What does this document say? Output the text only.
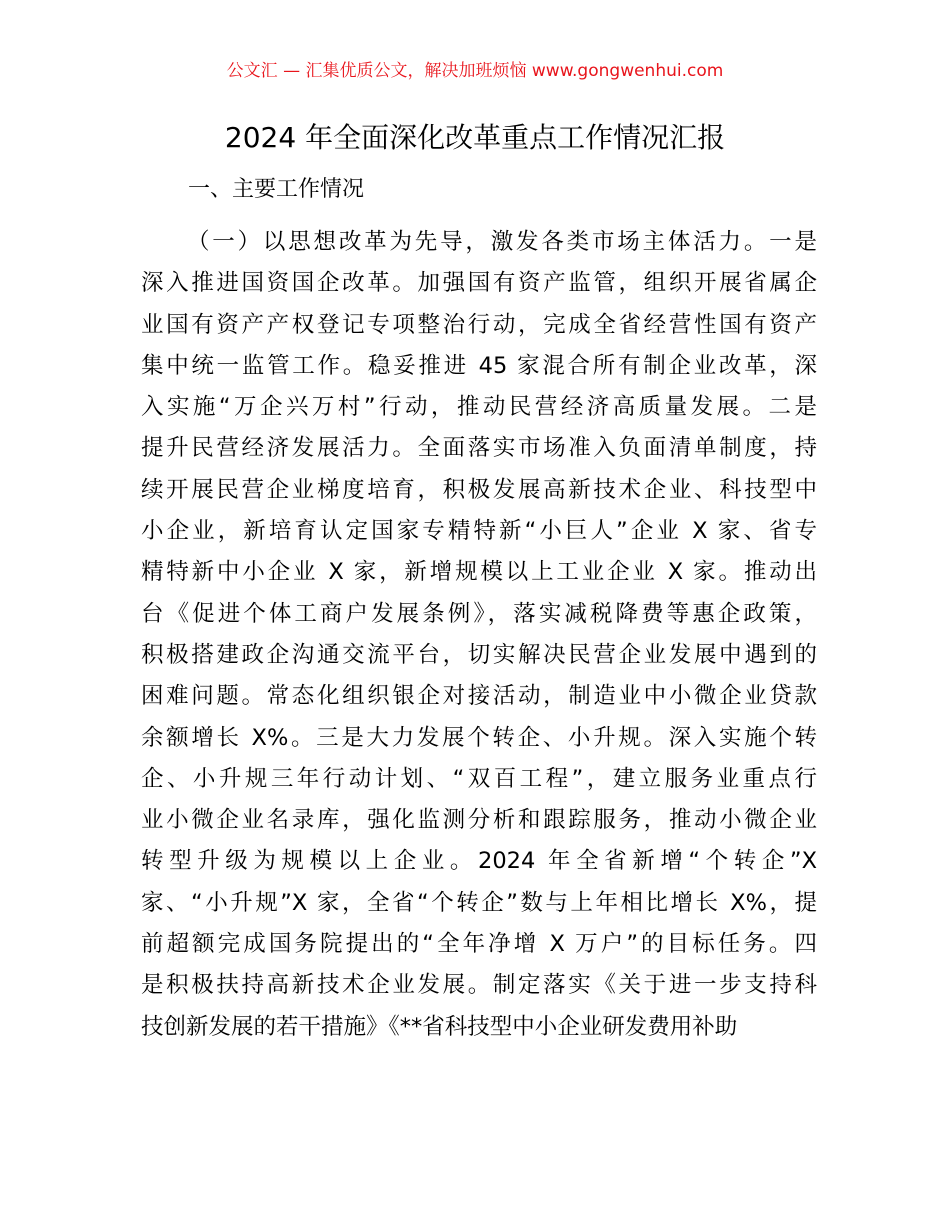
公文汇 — 汇集优质公文，解决加班烦恼 www.gongwenhui.com
2024 年全面深化改革重点工作情况汇报
一、主要工作情况
（一）以思想改革为先导，激发各类市场主体活力。一是
深入推进国资国企改革。加强国有资产监管，组织开展省属企
业国有资产产权登记专项整治行动，完成全省经营性国有资产
集中统一监管工作。稳妥推进 45 家混合所有制企业改革，深
入实施“万企兴万村”行动，推动民营经济高质量发展。二是
提升民营经济发展活力。全面落实市场准入负面清单制度，持
续开展民营企业梯度培育，积极发展高新技术企业、科技型中
小企业，新培育认定国家专精特新“小巨人”企业 X 家、省专
精特新中小企业 X 家，新增规模以上工业企业 X 家。推动出
台《促进个体工商户发展条例》，落实减税降费等惠企政策，
积极搭建政企沟通交流平台，切实解决民营企业发展中遇到的
困难问题。常态化组织银企对接活动，制造业中小微企业贷款
余额增长 X%。三是大力发展个转企、小升规。深入实施个转
企、小升规三年行动计划、“双百工程”，建立服务业重点行
业小微企业名录库，强化监测分析和跟踪服务，推动小微企业
转型升级为规模以上企业。2024 年全省新增“个转企”X
家、“小升规”X 家，全省“个转企”数与上年相比增长 X%，提
前超额完成国务院提出的“全年净增 X 万户”的目标任务。四
是积极扶持高新技术企业发展。制定落实《关于进一步支持科
技创新发展的若干措施》《**省科技型中小企业研发费用补助
